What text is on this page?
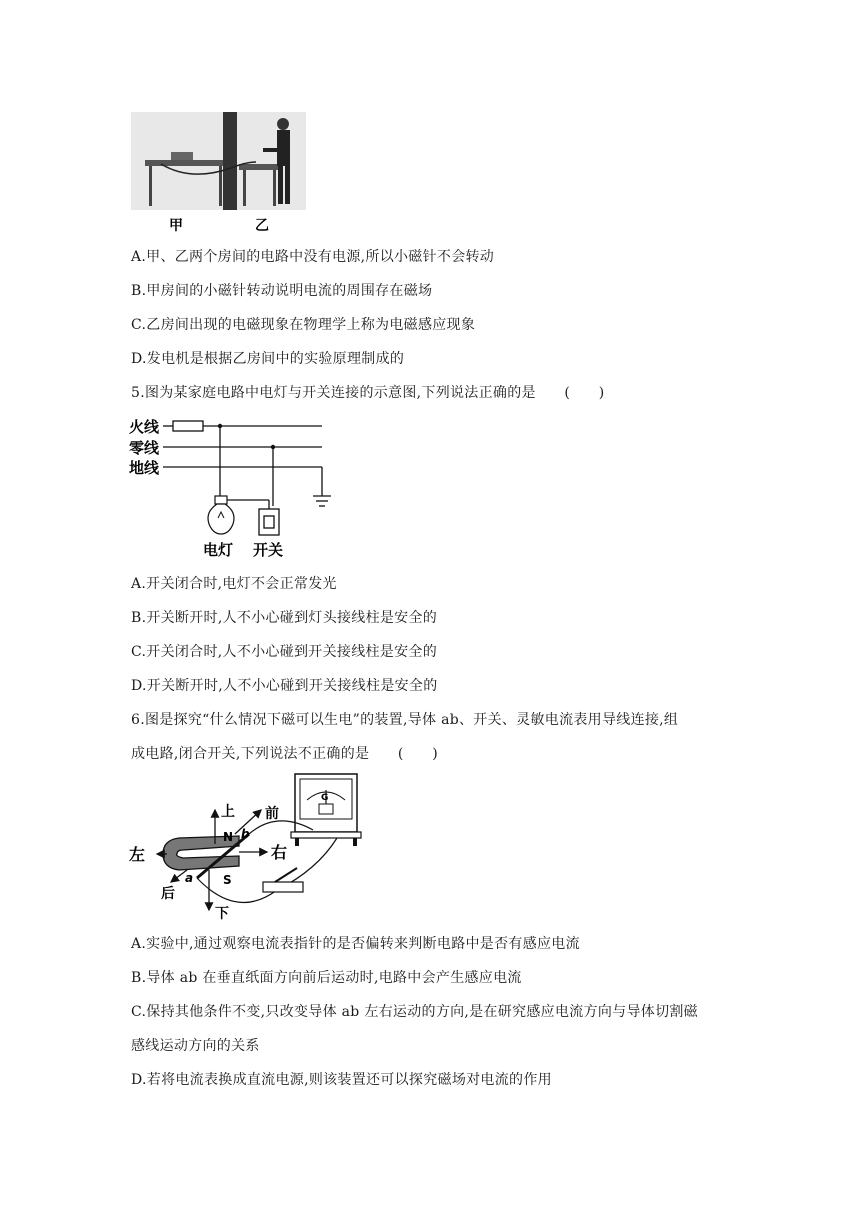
甲	乙
A.甲、乙两个房间的电路中没有电源,所以小磁针不会转动
B.甲房间的小磁针转动说明电流的周围存在磁场
C.乙房间出现的电磁现象在物理学上称为电磁感应现象
D.发电机是根据乙房间中的实验原理制成的
5.图为某家庭电路中电灯与开关连接的示意图,下列说法正确的是　　(　　)
火线
零线
地线
电灯 开关
A.开关闭合时,电灯不会正常发光
B.开关断开时,人不小心碰到灯头接线柱是安全的
C.开关闭合时,人不小心碰到开关接线柱是安全的
D.开关断开时,人不小心碰到开关接线柱是安全的
6.图是探究“什么情况下磁可以生电”的装置,导体 ab、开关、灵敏电流表用导线连接,组
成电路,闭合开关,下列说法不正确的是　　(　　)
G
N
S
a
b
上
下
左	右
前
后
A.实验中,通过观察电流表指针的是否偏转来判断电路中是否有感应电流
B.导体 ab 在垂直纸面方向前后运动时,电路中会产生感应电流
C.保持其他条件不变,只改变导体 ab 左右运动的方向,是在研究感应电流方向与导体切割磁
感线运动方向的关系
D.若将电流表换成直流电源,则该装置还可以探究磁场对电流的作用
